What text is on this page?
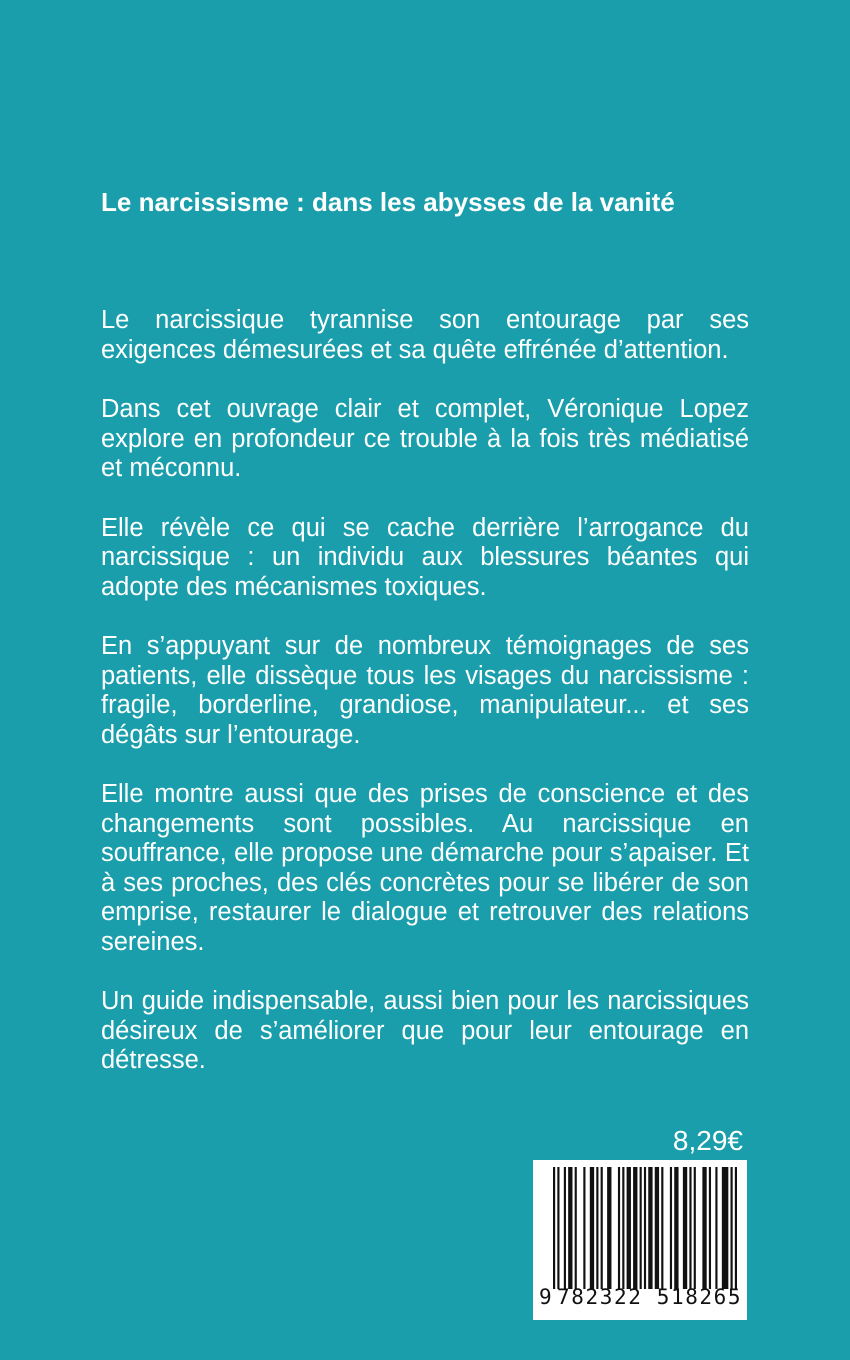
Le narcissisme : dans les abysses de la vanité

Le narcissique tyrannise son entourage par ses exigences démesurées et sa quête effrénée d’attention.

Dans cet ouvrage clair et complet, Véronique Lopez explore en profondeur ce trouble à la fois très médiatisé et méconnu.

Elle révèle ce qui se cache derrière l’arrogance du narcissique : un individu aux blessures béantes qui adopte des mécanismes toxiques.

En s’appuyant sur de nombreux témoignages de ses patients, elle dissèque tous les visages du narcissisme : fragile, borderline, grandiose, manipulateur... et ses dégâts sur l’entourage.

Elle montre aussi que des prises de conscience et des changements sont possibles. Au narcissique en souffrance, elle propose une démarche pour s’apaiser. Et à ses proches, des clés concrètes pour se libérer de son emprise, restaurer le dialogue et retrouver des relations sereines.

Un guide indispensable, aussi bien pour les narcissiques désireux de s’améliorer que pour leur entourage en détresse.

8,29€
9 782322 518265
